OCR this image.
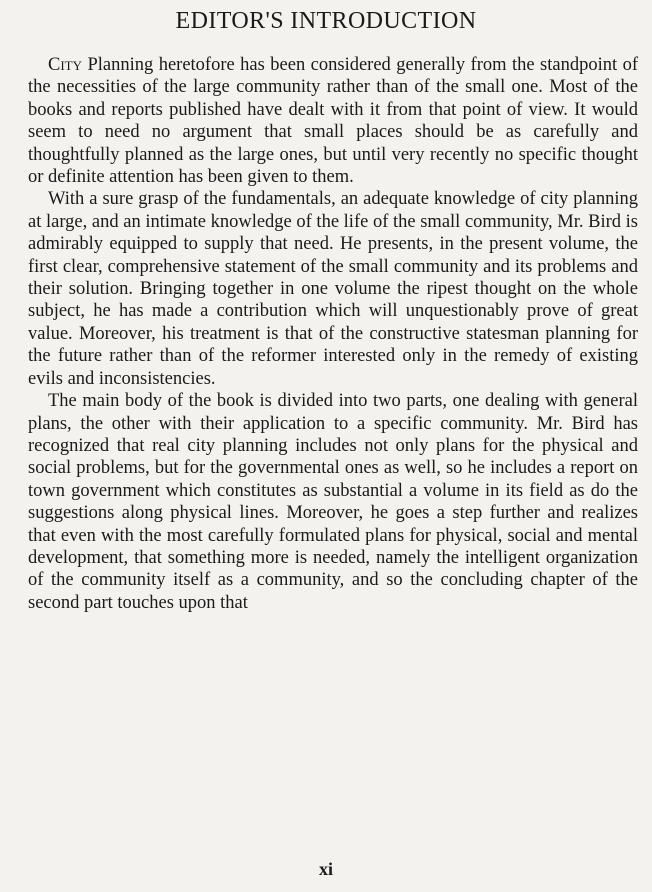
EDITOR'S INTRODUCTION

City Planning heretofore has been considered generally from the standpoint of the necessities of the large community rather than of the small one. Most of the books and reports published have dealt with it from that point of view. It would seem to need no argument that small places should be as carefully and thoughtfully planned as the large ones, but until very recently no specific thought or definite attention has been given to them.

With a sure grasp of the fundamentals, an adequate knowledge of city planning at large, and an intimate knowledge of the life of the small community, Mr. Bird is admirably equipped to supply that need. He presents, in the present volume, the first clear, comprehensive statement of the small community and its problems and their solution. Bringing together in one volume the ripest thought on the whole subject, he has made a contribution which will unquestionably prove of great value. Moreover, his treatment is that of the constructive statesman planning for the future rather than of the reformer interested only in the remedy of existing evils and inconsistencies.

The main body of the book is divided into two parts, one dealing with general plans, the other with their application to a specific community. Mr. Bird has recognized that real city planning includes not only plans for the physical and social problems, but for the governmental ones as well, so he includes a report on town government which constitutes as substantial a volume in its field as do the suggestions along physical lines. Moreover, he goes a step further and realizes that even with the most carefully formulated plans for physical, social and mental development, that something more is needed, namely the intelligent organization of the community itself as a community, and so the concluding chapter of the second part touches upon that

xi
